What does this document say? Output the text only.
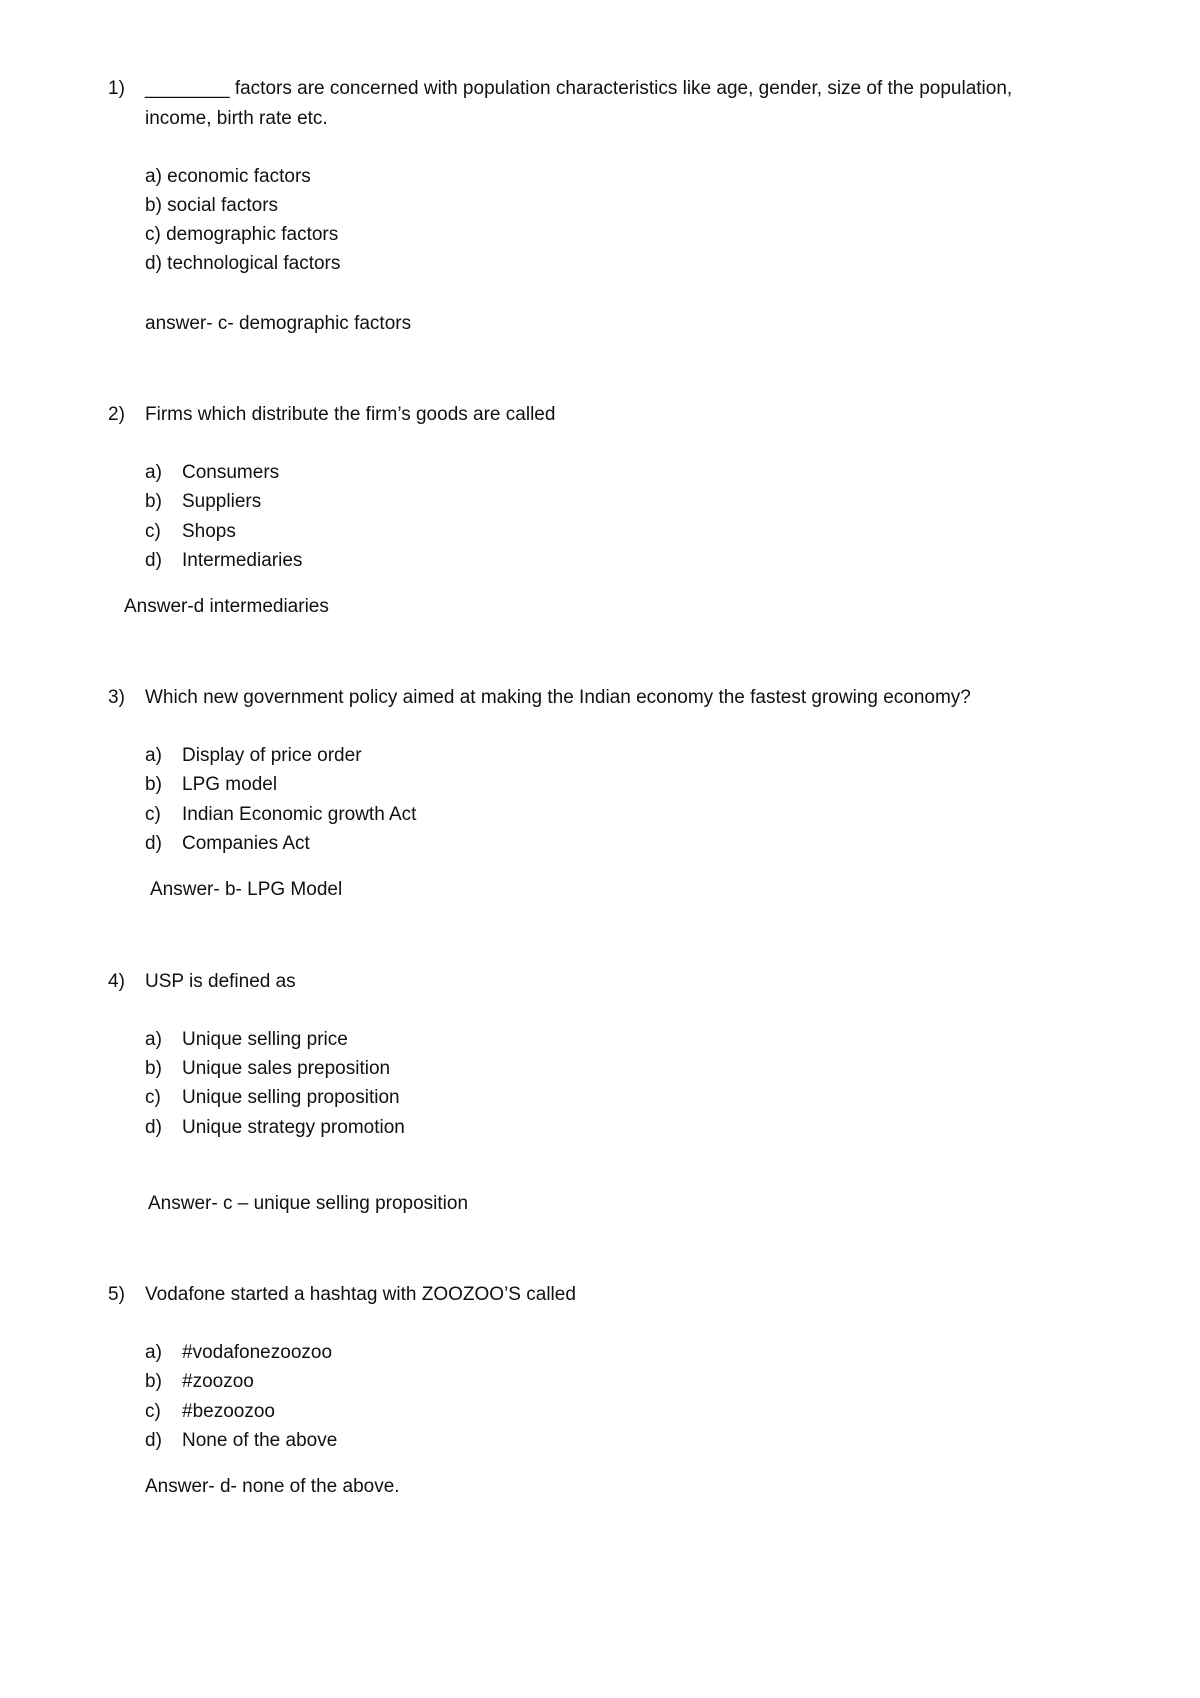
1) ________ factors are concerned with population characteristics like age, gender, size of the population,
income, birth rate etc.
a) economic factors
b) social factors
c) demographic factors
d) technological factors
answer- c- demographic factors
2) Firms which distribute the firm’s goods are called
a) Consumers
b) Suppliers
c) Shops
d) Intermediaries
Answer-d intermediaries
3) Which new government policy aimed at making the Indian economy the fastest growing economy?
a) Display of price order
b) LPG model
c) Indian Economic growth Act
d) Companies Act
Answer- b- LPG Model
4) USP is defined as
a) Unique selling price
b) Unique sales preposition
c) Unique selling proposition
d) Unique strategy promotion
Answer- c – unique selling proposition
5) Vodafone started a hashtag with ZOOZOO’S called
a) #vodafonezoozoo
b) #zoozoo
c) #bezoozoo
d) None of the above
Answer- d- none of the above.
